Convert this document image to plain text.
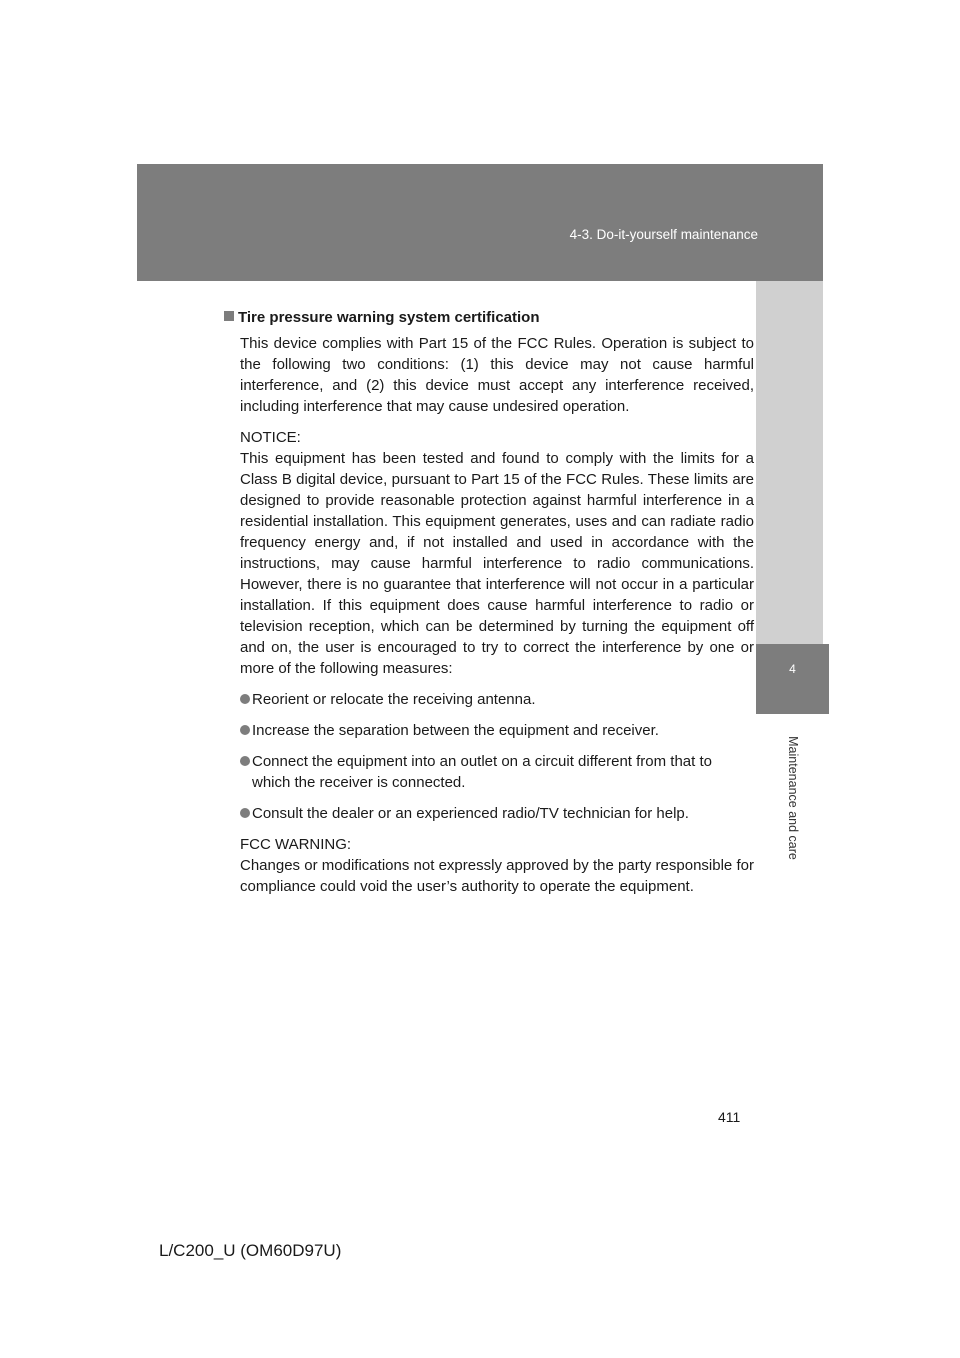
4-3. Do-it-yourself maintenance
4
Maintenance and care
Tire pressure warning system certification

This device complies with Part 15 of the FCC Rules. Operation is subject to the following two conditions: (1) this device may not cause harmful interference, and (2) this device must accept any interference received, including interference that may cause undesired operation.

NOTICE:
This equipment has been tested and found to comply with the limits for a Class B digital device, pursuant to Part 15 of the FCC Rules. These limits are designed to provide reasonable protection against harmful interference in a residential installation. This equipment generates, uses and can radiate radio frequency energy and, if not installed and used in accordance with the instructions, may cause harmful interference to radio communications. However, there is no guarantee that interference will not occur in a particular installation. If this equipment does cause harmful interference to radio or television reception, which can be determined by turning the equipment off and on, the user is encouraged to try to correct the interference by one or more of the following measures:

Reorient or relocate the receiving antenna.
Increase the separation between the equipment and receiver.
Connect the equipment into an outlet on a circuit different from that to which the receiver is connected.
Consult the dealer or an experienced radio/TV technician for help.

FCC WARNING:
Changes or modifications not expressly approved by the party responsible for compliance could void the user’s authority to operate the equipment.

411
L/C200_U (OM60D97U)
